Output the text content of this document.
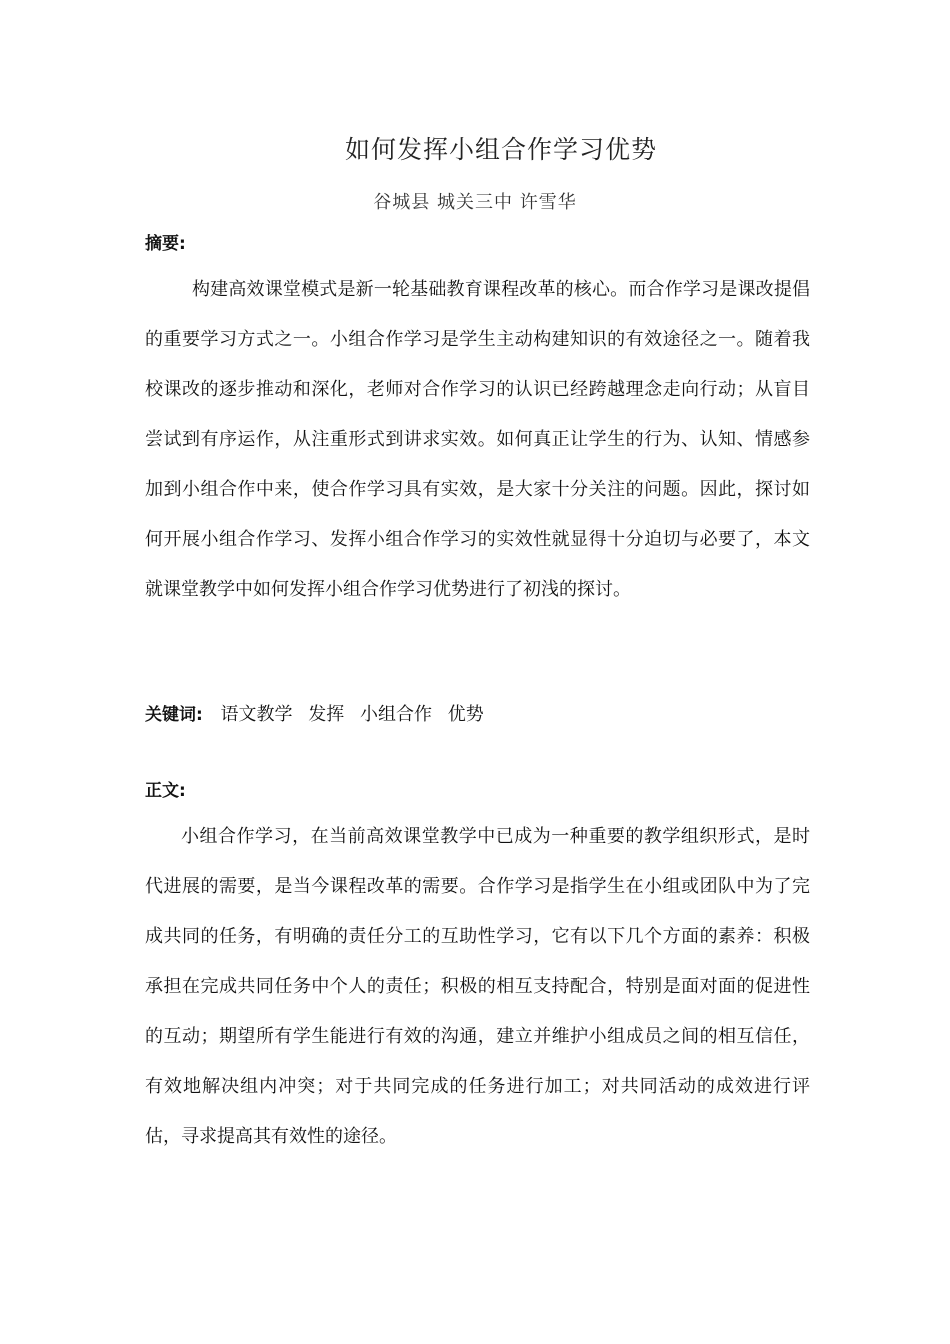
如何发挥小组合作学习优势
谷城县 城关三中 许雪华
摘要:

构建高效课堂模式是新一轮基础教育课程改革的核心。而合作学习是课改提倡的重要学习方式之一。小组合作学习是学生主动构建知识的有效途径之一。随着我校课改的逐步推动和深化，老师对合作学习的认识已经跨越理念走向行动；从盲目尝试到有序运作，从注重形式到讲求实效。如何真正让学生的行为、认知、情感参加到小组合作中来，使合作学习具有实效，是大家十分关注的问题。因此，探讨如何开展小组合作学习、发挥小组合作学习的实效性就显得十分迫切与必要了，本文就课堂教学中如何发挥小组合作学习优势进行了初浅的探讨。

关键词: 语文教学 发挥 小组合作 优势
正文:

小组合作学习，在当前高效课堂教学中已成为一种重要的教学组织形式，是时代进展的需要，是当今课程改革的需要。合作学习是指学生在小组或团队中为了完成共同的任务，有明确的责任分工的互助性学习，它有以下几个方面的素养：积极承担在完成共同任务中个人的责任；积极的相互支持配合，特别是面对面的促进性的互动；期望所有学生能进行有效的沟通，建立并维护小组成员之间的相互信任，有效地解决组内冲突；对于共同完成的任务进行加工；对共同活动的成效进行评估，寻求提高其有效性的途径。
